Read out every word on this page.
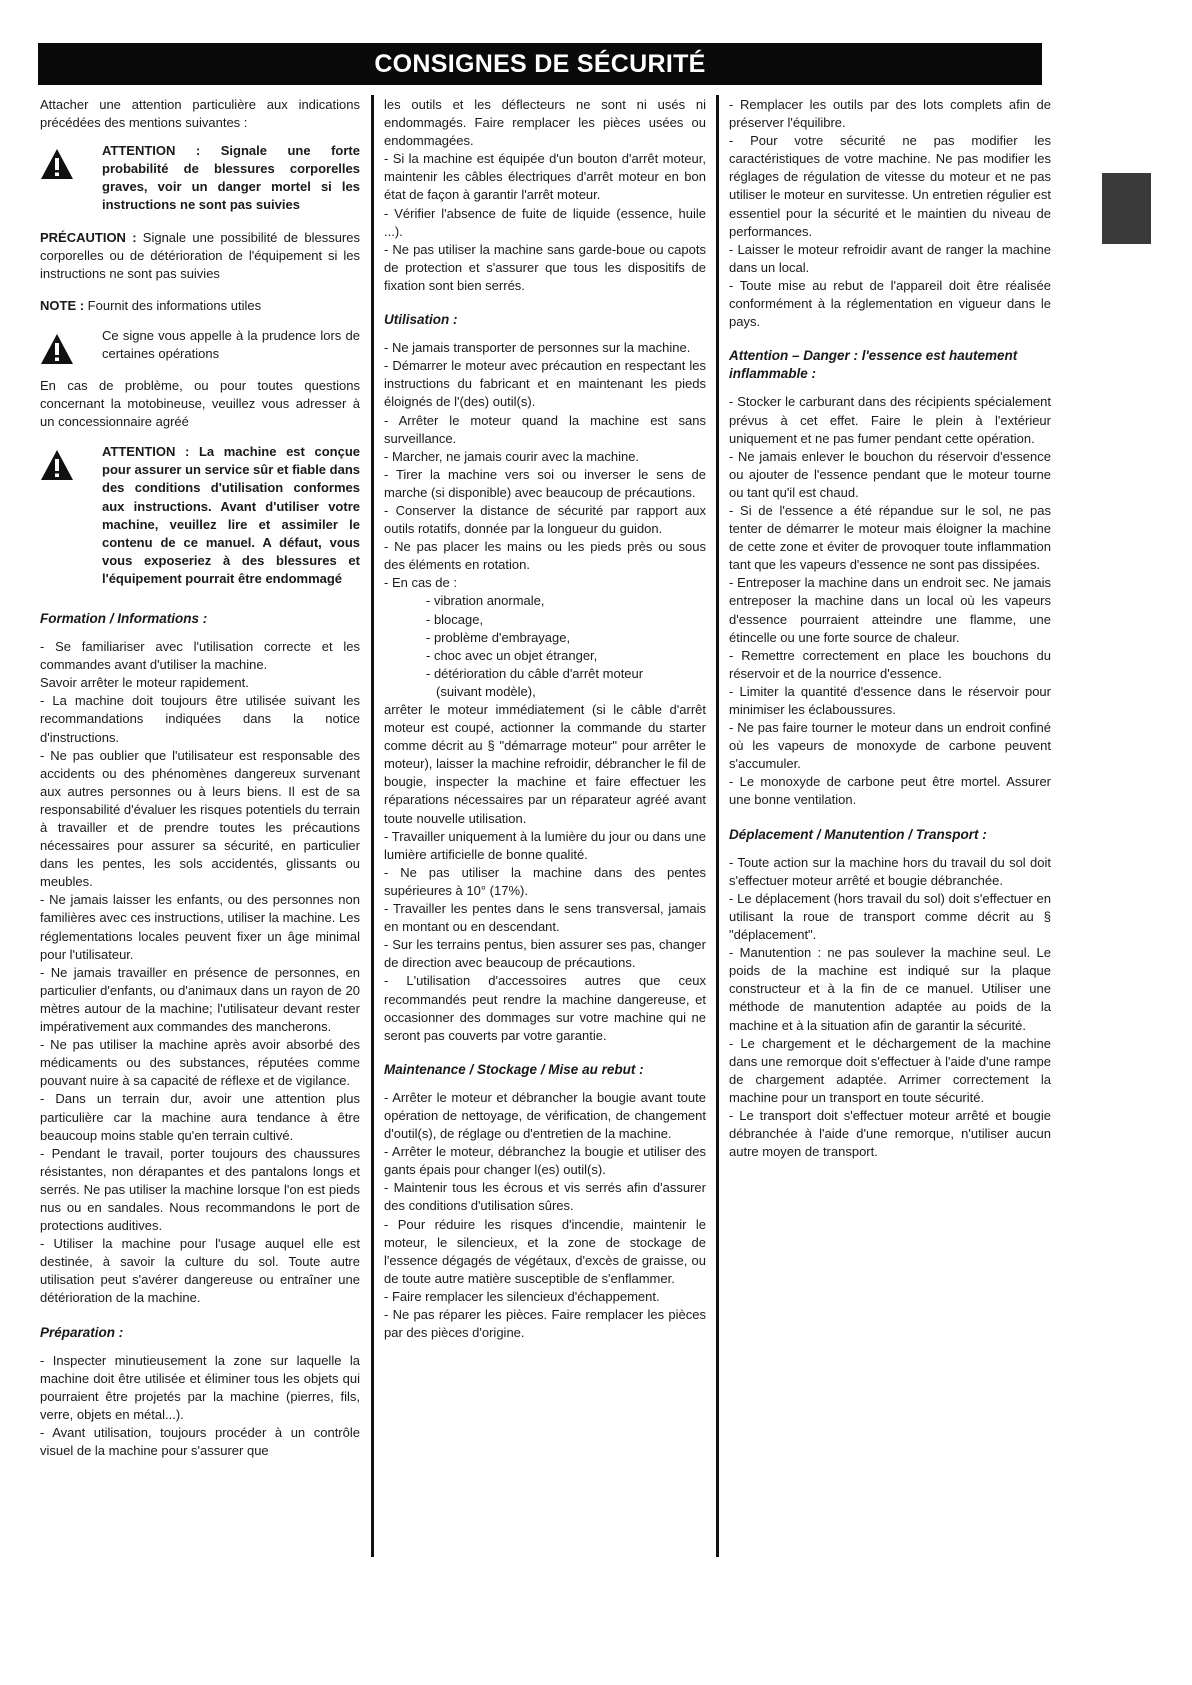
CONSIGNES DE SÉCURITÉ

Attacher une attention particulière aux indications précédées des mentions suivantes :

ATTENTION : Signale une forte probabilité de blessures corporelles graves, voir un danger mortel si les instructions ne sont pas suivies

PRÉCAUTION : Signale une possibilité de blessures corporelles ou de détérioration de l'équipement si les instructions ne sont pas suivies

NOTE : Fournit des informations utiles

Ce signe vous appelle à la prudence lors de certaines opérations

En cas de problème, ou pour toutes questions concernant la motobineuse, veuillez vous adresser à un concessionnaire agréé

ATTENTION : La machine est conçue pour assurer un service sûr et fiable dans des conditions d'utilisation conformes aux instructions. Avant d'utiliser votre machine, veuillez lire et assimiler le contenu de ce manuel. A défaut, vous vous exposeriez à des blessures et l'équipement pourrait être endommagé
Formation / Informations :

- Se familiariser avec l'utilisation correcte et les commandes avant d'utiliser la machine.

Savoir arrêter le moteur rapidement.

- La machine doit toujours être utilisée suivant les recommandations indiquées dans la notice d'instructions.

- Ne pas oublier que l'utilisateur est responsable des accidents ou des phénomènes dangereux survenant aux autres personnes ou à leurs biens. Il est de sa responsabilité d'évaluer les risques potentiels du terrain à travailler et de prendre toutes les précautions nécessaires pour assurer sa sécurité, en particulier dans les pentes, les sols accidentés, glissants ou meubles.

- Ne jamais laisser les enfants, ou des personnes non familières avec ces instructions, utiliser la machine. Les réglementations locales peuvent fixer un âge minimal pour l'utilisateur.

- Ne jamais travailler en présence de personnes, en particulier d'enfants, ou d'animaux dans un rayon de 20 mètres autour de la machine; l'utilisateur devant rester impérativement aux commandes des mancherons.

- Ne pas utiliser la machine après avoir absorbé des médicaments ou des substances, réputées comme pouvant nuire à sa capacité de réflexe et de vigilance.

- Dans un terrain dur, avoir une attention plus particulière car la machine aura tendance à être beaucoup moins stable qu'en terrain cultivé.

- Pendant le travail, porter toujours des chaussures résistantes, non dérapantes et des pantalons longs et serrés. Ne pas utiliser la machine lorsque l'on est pieds nus ou en sandales. Nous recommandons le port de protections auditives.

- Utiliser la machine pour l'usage auquel elle est destinée, à savoir la culture du sol. Toute autre utilisation peut s'avérer dangereuse ou entraîner une détérioration de la machine.

Préparation :

- Inspecter minutieusement la zone sur laquelle la machine doit être utilisée et éliminer tous les objets qui pourraient être projetés par la machine (pierres, fils, verre, objets en métal...).

- Avant utilisation, toujours procéder à un contrôle visuel de la machine pour s'assurer que

les outils et les déflecteurs ne sont ni usés ni endommagés. Faire remplacer les pièces usées ou endommagées.

- Si la machine est équipée d'un bouton d'arrêt moteur, maintenir les câbles électriques d'arrêt moteur en bon état de façon à garantir l'arrêt moteur.

- Vérifier l'absence de fuite de liquide (essence, huile ...).

- Ne pas utiliser la machine sans garde-boue ou capots de protection et s'assurer que tous les dispositifs de fixation sont bien serrés.

Utilisation :

- Ne jamais transporter de personnes sur la machine.

- Démarrer le moteur avec précaution en respectant les instructions du fabricant et en maintenant les pieds éloignés de l'(des) outil(s).

- Arrêter le moteur quand la machine est sans surveillance.

- Marcher, ne jamais courir avec la machine.

- Tirer la machine vers soi ou inverser le sens de marche (si disponible) avec beaucoup de précautions.

- Conserver la distance de sécurité par rapport aux outils rotatifs, donnée par la longueur du guidon.

- Ne pas placer les mains ou les pieds près ou sous des éléments en rotation.

- En cas de :

- vibration anormale,

- blocage,

- problème d'embrayage,

- choc avec un objet étranger,

- détérioration du câble d'arrêt moteur

(suivant modèle),

arrêter le moteur immédiatement (si le câble d'arrêt moteur est coupé, actionner la commande du starter comme décrit au § "démarrage moteur" pour arrêter le moteur), laisser la machine refroidir, débrancher le fil de bougie, inspecter la machine et faire effectuer les réparations nécessaires par un réparateur agréé avant toute nouvelle utilisation.

- Travailler uniquement à la lumière du jour ou dans une lumière artificielle de bonne qualité.

- Ne pas utiliser la machine dans des pentes supérieures à 10° (17%).

- Travailler les pentes dans le sens transversal, jamais en montant ou en descendant.

- Sur les terrains pentus, bien assurer ses pas, changer de direction avec beaucoup de précautions.

- L'utilisation d'accessoires autres que ceux recommandés peut rendre la machine dangereuse, et occasionner des dommages sur votre machine qui ne seront pas couverts par votre garantie.

Maintenance / Stockage / Mise au rebut :

- Arrêter le moteur et débrancher la bougie avant toute opération de nettoyage, de vérification, de changement d'outil(s), de réglage ou d'entretien de la machine.

- Arrêter le moteur, débranchez la bougie et utiliser des gants épais pour changer l(es) outil(s).

- Maintenir tous les écrous et vis serrés afin d'assurer des conditions d'utilisation sûres.

- Pour réduire les risques d'incendie, maintenir le moteur, le silencieux, et la zone de stockage de l'essence dégagés de végétaux, d'excès de graisse, ou de toute autre matière susceptible de s'enflammer.

- Faire remplacer les silencieux d'échappement.

- Ne pas réparer les pièces. Faire remplacer les pièces par des pièces d'origine.

- Remplacer les outils par des lots complets afin de préserver l'équilibre.

- Pour votre sécurité ne pas modifier les caractéristiques de votre machine. Ne pas modifier les réglages de régulation de vitesse du moteur et ne pas utiliser le moteur en survitesse. Un entretien régulier est essentiel pour la sécurité et le maintien du niveau de performances.

- Laisser le moteur refroidir avant de ranger la machine dans un local.

- Toute mise au rebut de l'appareil doit être réalisée conformément à la réglementation en vigueur dans le pays.

Attention – Danger : l'essence est hautement inflammable :

- Stocker le carburant dans des récipients spécialement prévus à cet effet. Faire le plein à l'extérieur uniquement et ne pas fumer pendant cette opération.

- Ne jamais enlever le bouchon du réservoir d'essence ou ajouter de l'essence pendant que le moteur tourne ou tant qu'il est chaud.

- Si de l'essence a été répandue sur le sol, ne pas tenter de démarrer le moteur mais éloigner la machine de cette zone et éviter de provoquer toute inflammation tant que les vapeurs d'essence ne sont pas dissipées.

- Entreposer la machine dans un endroit sec. Ne jamais entreposer la machine dans un local où les vapeurs d'essence pourraient atteindre une flamme, une étincelle ou une forte source de chaleur.

- Remettre correctement en place les bouchons du réservoir et de la nourrice d'essence.

- Limiter la quantité d'essence dans le réservoir pour minimiser les éclaboussures.

- Ne pas faire tourner le moteur dans un endroit confiné où les vapeurs de monoxyde de carbone peuvent s'accumuler.

- Le monoxyde de carbone peut être mortel. Assurer une bonne ventilation.

Déplacement / Manutention / Transport :

- Toute action sur la machine hors du travail du sol doit s'effectuer moteur arrêté et bougie débranchée.

- Le déplacement (hors travail du sol) doit s'effectuer en utilisant la roue de transport comme décrit au § "déplacement".

- Manutention : ne pas soulever la machine seul. Le poids de la machine est indiqué sur la plaque constructeur et à la fin de ce manuel. Utiliser une méthode de manutention adaptée au poids de la machine et à la situation afin de garantir la sécurité.

- Le chargement et le déchargement de la machine dans une remorque doit s'effectuer à l'aide d'une rampe de chargement adaptée. Arrimer correctement la machine pour un transport en toute sécurité.

- Le transport doit s'effectuer moteur arrêté et bougie débranchée à l'aide d'une remorque, n'utiliser aucun autre moyen de transport.
